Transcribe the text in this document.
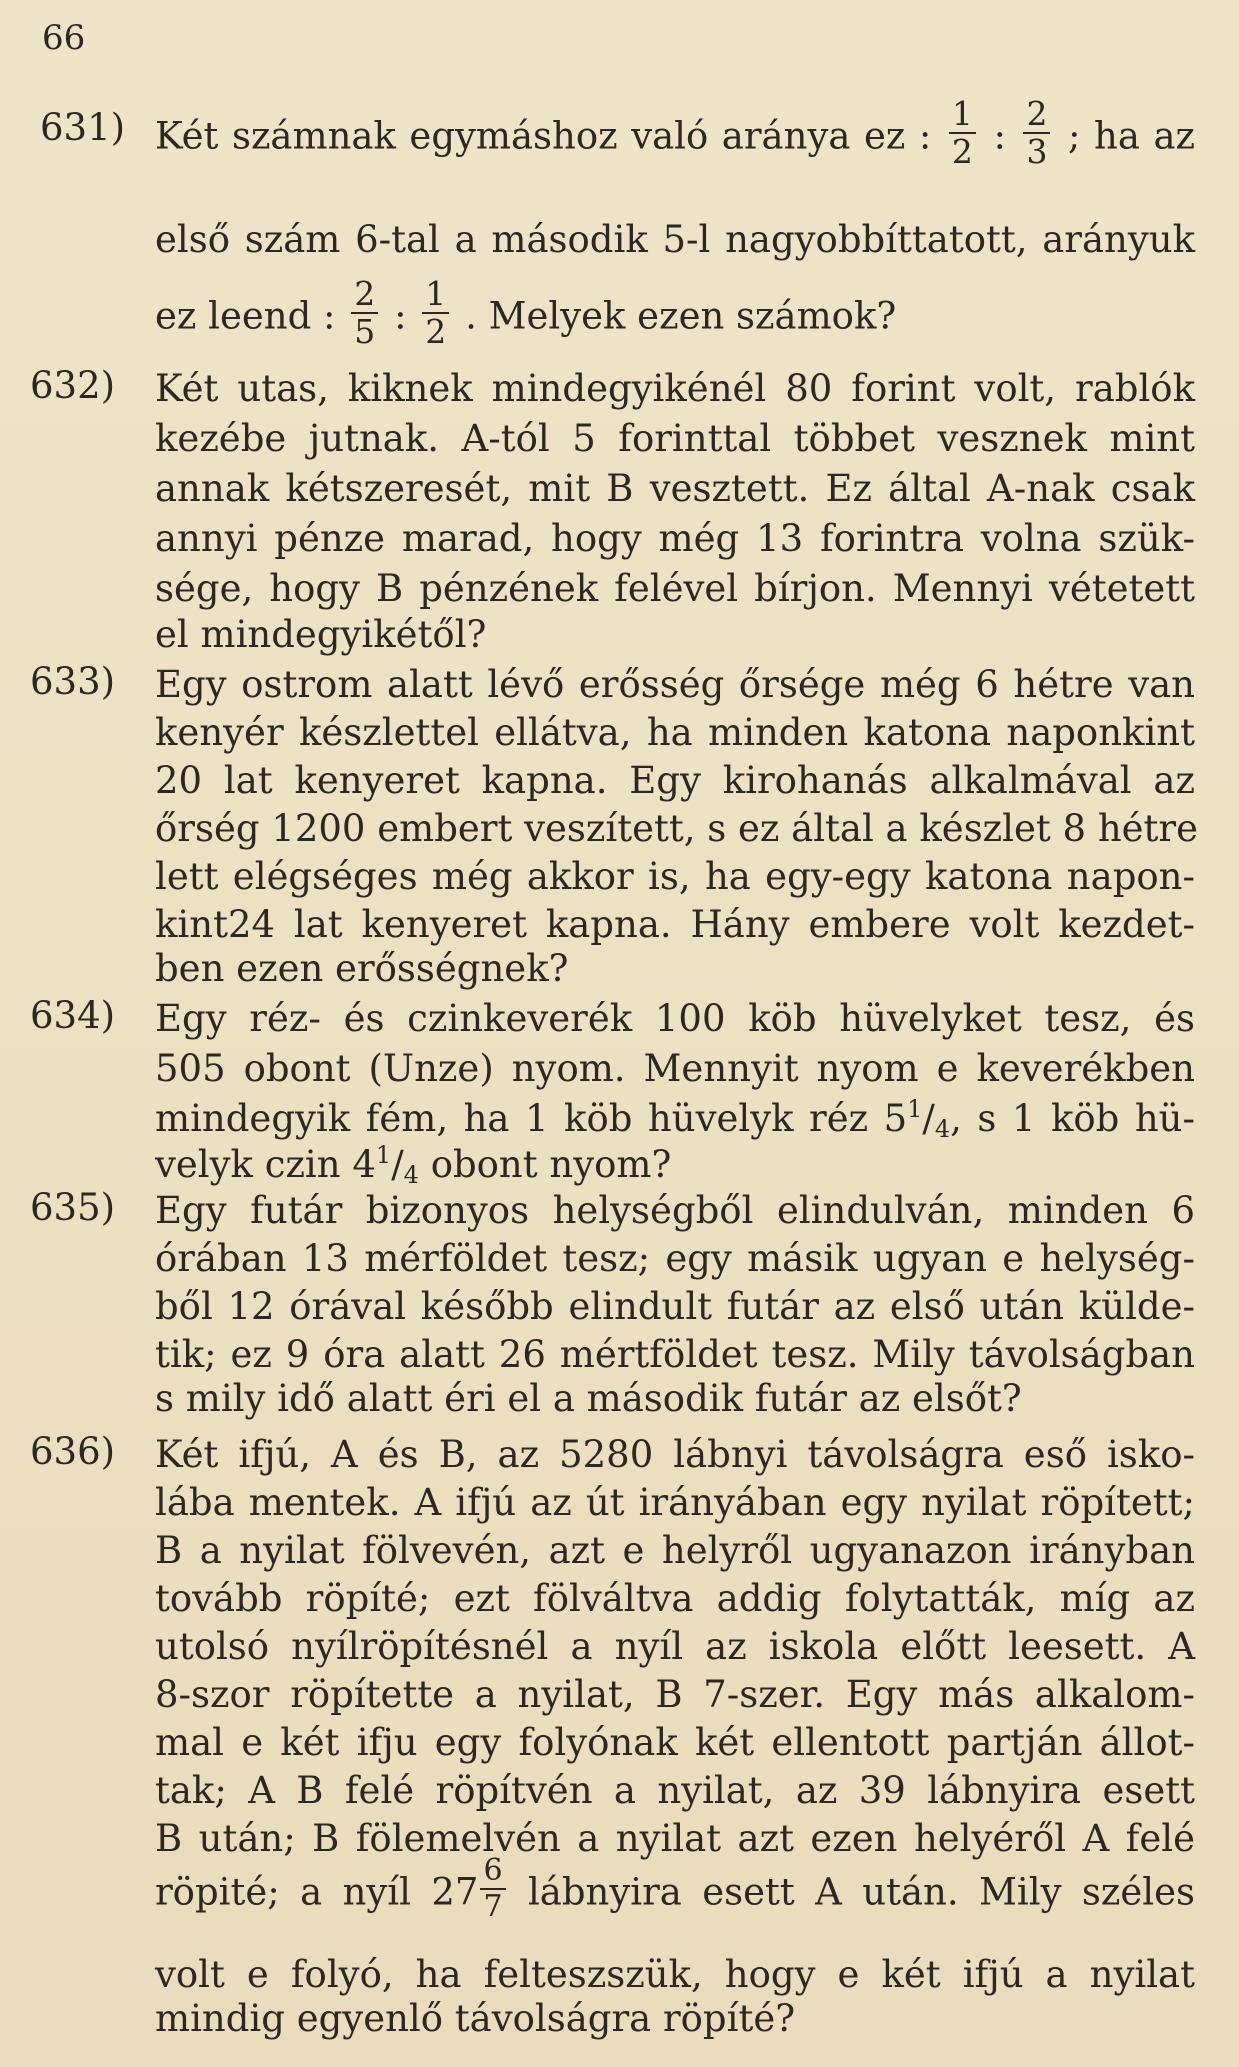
66
631) Két számnak egymáshoz való aránya ez : $\frac{1}{2}$ : $\frac{2}{3}$ ; ha az
első szám 6-tal a második 5-l nagyobbíttatott, arányuk
ez leend : $\frac{2}{5}$ : $\frac{1}{2}$ . Melyek ezen számok?
632) Két utas, kiknek mindegyikénél 80 forint volt, rablók
kezébe jutnak. A-tól 5 forinttal többet vesznek mint
annak kétszeresét, mit B vesztett. Ez által A-nak csak
annyi pénze marad, hogy még 13 forintra volna szük-
sége, hogy B pénzének felével bírjon. Mennyi vétetett
el mindegyikétől?
633) Egy ostrom alatt lévő erősség őrsége még 6 hétre van
kenyér készlettel ellátva, ha minden katona naponkint
20 lat kenyeret kapna. Egy kirohanás alkalmával az
őrség 1200 embert veszített, s ez által a készlet 8 hétre
lett elégséges még akkor is, ha egy-egy katona napon-
kint24 lat kenyeret kapna. Hány embere volt kezdet-
ben ezen erősségnek?
634) Egy réz- és czinkeverék 100 köb hüvelyket tesz, és
505 obont (Unze) nyom. Mennyit nyom e keverékben
mindegyik fém, ha 1 köb hüvelyk réz $5^1/_4$, s 1 köb hü-
velyk czin $4^1/_4$ obont nyom?
635) Egy futár bizonyos helységből elindulván, minden 6
órában 13 mérföldet tesz; egy másik ugyan e helység-
ből 12 órával később elindult futár az első után külde-
tik; ez 9 óra alatt 26 mértföldet tesz. Mily távolságban
s mily idő alatt éri el a második futár az elsőt?
636) Két ifjú, A és B, az 5280 lábnyi távolságra eső isko-
lába mentek. A ifjú az út irányában egy nyilat röpített;
B a nyilat fölvevén, azt e helyről ugyanazon irányban
tovább röpíté; ezt fölváltva addig folytatták, míg az
utolsó nyílröpítésnél a nyíl az iskola előtt leesett. A
8-szor röpítette a nyilat, B 7-szer. Egy más alkalom-
mal e két ifju egy folyónak két ellentott partján állot-
tak; A B felé röpítvén a nyilat, az 39 lábnyira esett
B után; B fölemelvén a nyilat azt ezen helyéről A felé
röpité; a nyíl $27 \frac{6}{7}$ lábnyira esett A után. Mily széles
volt e folyó, ha felteszszük, hogy e két ifjú a nyilat
mindig egyenlő távolságra röpíté?
